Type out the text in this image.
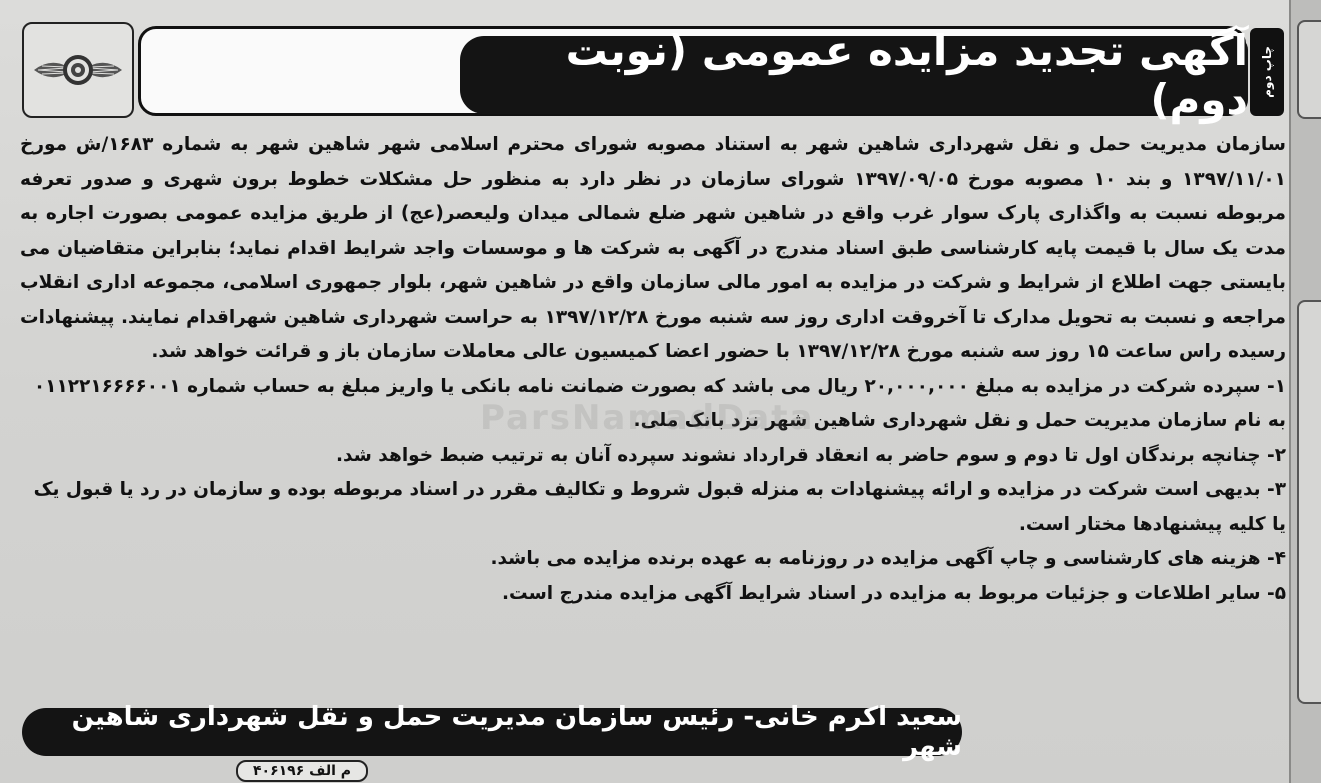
آگهی تجدید مزایده عمومی (نوبت دوم)
چاپ دوم

سازمان مدیریت حمل و نقل شهرداری شاهین شهر به استناد مصوبه شورای محترم اسلامی شهر شاهین شهر به شماره ۱۶۸۳/ش مورخ ۱۳۹۷/۱۱/۰۱ و بند ۱۰ مصوبه مورخ ۱۳۹۷/۰۹/۰۵ شورای سازمان در نظر دارد به منظور حل مشکلات خطوط برون شهری و صدور تعرفه مربوطه نسبت به واگذاری پارک سوار غرب واقع در شاهین شهر ضلع شمالی میدان ولیعصر(عج) از طریق مزایده عمومی بصورت اجاره به مدت یک سال با قیمت پایه کارشناسی طبق اسناد مندرج در آگهی به شرکت ها و موسسات واجد شرایط اقدام نماید؛ بنابراین متقاضیان می بایستی جهت اطلاع از شرایط و شرکت در مزایده به امور مالی سازمان واقع در شاهین شهر، بلوار جمهوری اسلامی، مجموعه اداری انقلاب مراجعه و نسبت به تحویل مدارک تا آخروقت اداری روز سه شنبه مورخ ۱۳۹۷/۱۲/۲۸ به حراست شهرداری شاهین شهراقدام نمایند. پیشنهادات رسیده راس ساعت ۱۵ روز سه شنبه مورخ ۱۳۹۷/۱۲/۲۸ با حضور اعضا کمیسیون عالی معاملات سازمان باز و قرائت خواهد شد.

۱- سپرده شرکت در مزایده به مبلغ ۲۰,۰۰۰,۰۰۰ ریال می باشد که بصورت ضمانت نامه بانکی یا واریز مبلغ به حساب شماره ۰۱۱۲۲۱۶۶۶۶۰۰۱ به نام سازمان مدیریت حمل و نقل شهرداری شاهین شهر نزد بانک ملی.

۲- چنانچه برندگان اول تا دوم و سوم حاضر به انعقاد قرارداد نشوند سپرده آنان به ترتیب ضبط خواهد شد.

۳- بدیهی است شرکت در مزایده و ارائه پیشنهادات به منزله قبول شروط و تکالیف مقرر در اسناد مربوطه بوده و سازمان در رد یا قبول یک یا کلیه پیشنهادها مختار است.

۴- هزینه های کارشناسی و چاپ آگهی مزایده در روزنامه به عهده برنده مزایده می باشد.

۵- سایر اطلاعات و جزئیات مربوط به مزایده در اسناد شرایط آگهی مزایده مندرج است.

ParsNamadData
سعید اکرم خانی- رئیس سازمان مدیریت حمل و نقل شهرداری شاهین شهر
م الف ۴۰۶۱۹۶
